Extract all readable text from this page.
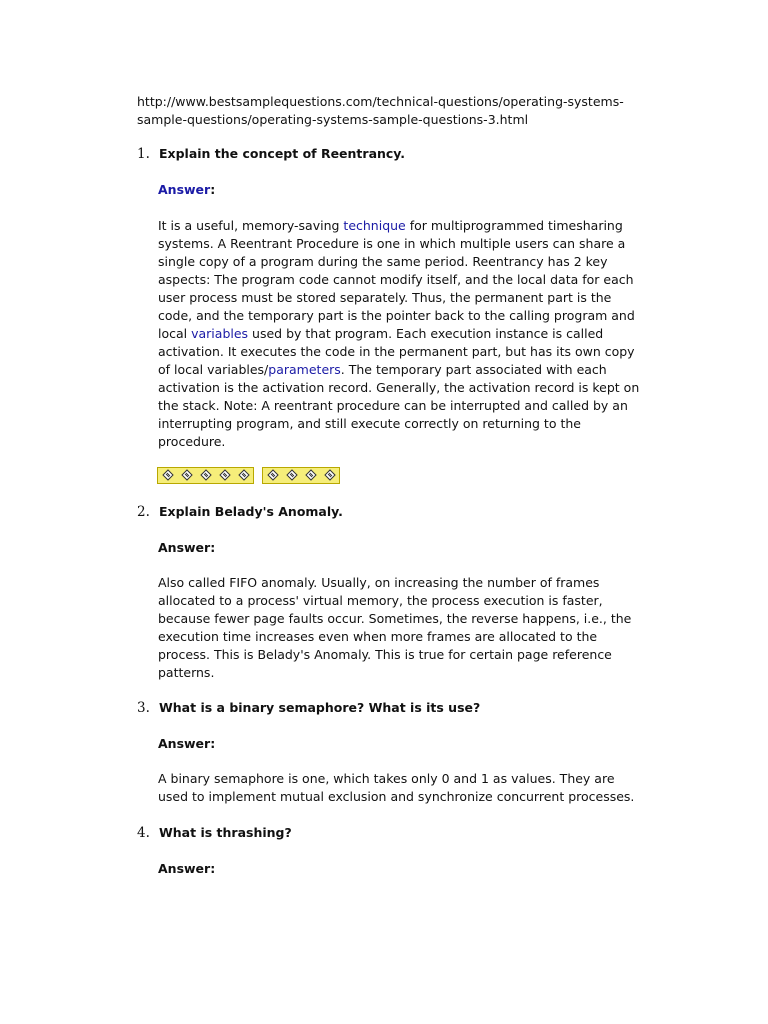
http://www.bestsamplequestions.com/technical-questions/operating-systems-sample-questions/operating-systems-sample-questions-3.html
1. Explain the concept of Reentrancy.
Answer:

It is a useful, memory-saving technique for multiprogrammed timesharing systems. A Reentrant Procedure is one in which multiple users can share a single copy of a program during the same period. Reentrancy has 2 key aspects: The program code cannot modify itself, and the local data for each user process must be stored separately. Thus, the permanent part is the code, and the temporary part is the pointer back to the calling program and local variables used by that program. Each execution instance is called activation. It executes the code in the permanent part, but has its own copy of local variables/parameters. The temporary part associated with each activation is the activation record. Generally, the activation record is kept on the stack. Note: A reentrant procedure can be interrupted and called by an interrupting program, and still execute correctly on returning to the procedure.

2. Explain Belady's Anomaly.
Answer:

Also called FIFO anomaly. Usually, on increasing the number of frames allocated to a process' virtual memory, the process execution is faster, because fewer page faults occur. Sometimes, the reverse happens, i.e., the execution time increases even when more frames are allocated to the process. This is Belady's Anomaly. This is true for certain page reference patterns.

3. What is a binary semaphore? What is its use?
Answer:

A binary semaphore is one, which takes only 0 and 1 as values. They are used to implement mutual exclusion and synchronize concurrent processes.

4. What is thrashing?
Answer:
